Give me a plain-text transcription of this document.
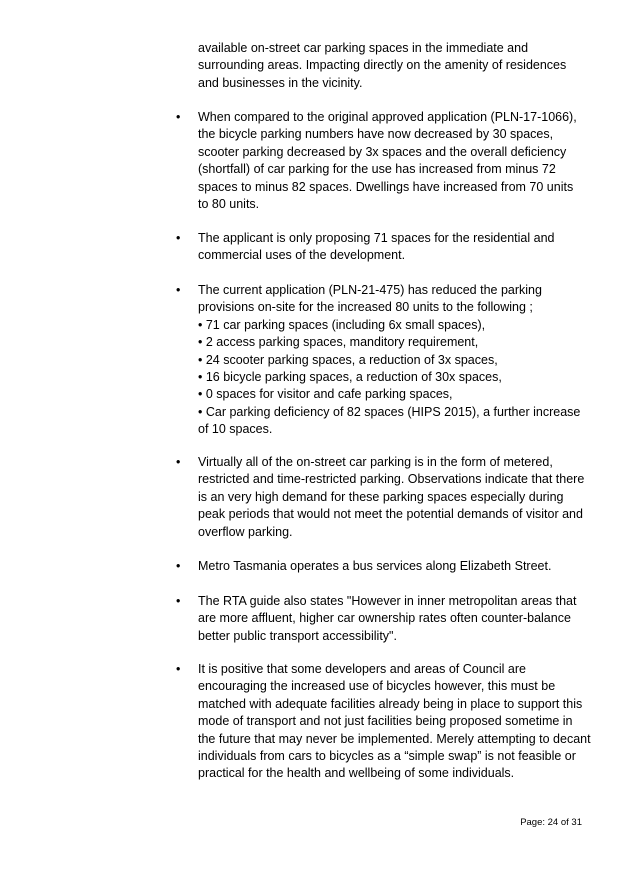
available on-street car parking spaces in the immediate and
surrounding areas. Impacting directly on the amenity of residences
and businesses in the vicinity.

• When compared to the original approved application (PLN-17-1066),
the bicycle parking numbers have now decreased by 30 spaces,
scooter parking decreased by 3x spaces and the overall deficiency
(shortfall) of car parking for the use has increased from minus 72
spaces to minus 82 spaces. Dwellings have increased from 70 units
to 80 units.

• The applicant is only proposing 71 spaces for the residential and
commercial uses of the development.

• The current application (PLN-21-475) has reduced the parking
provisions on-site for the increased 80 units to the following ;
• 71 car parking spaces (including 6x small spaces),
• 2 access parking spaces, manditory requirement,
• 24 scooter parking spaces, a reduction of 3x spaces,
• 16 bicycle parking spaces, a reduction of 30x spaces,
• 0 spaces for visitor and cafe parking spaces,
• Car parking deficiency of 82 spaces (HIPS 2015), a further increase
of 10 spaces.

• Virtually all of the on-street car parking is in the form of metered,
restricted and time-restricted parking. Observations indicate that there
is an very high demand for these parking spaces especially during
peak periods that would not meet the potential demands of visitor and
overflow parking.

• Metro Tasmania operates a bus services along Elizabeth Street.

• The RTA guide also states "However in inner metropolitan areas that
are more affluent, higher car ownership rates often counter-balance
better public transport accessibility".

• It is positive that some developers and areas of Council are
encouraging the increased use of bicycles however, this must be
matched with adequate facilities already being in place to support this
mode of transport and not just facilities being proposed sometime in
the future that may never be implemented. Merely attempting to decant
individuals from cars to bicycles as a “simple swap” is not feasible or
practical for the health and wellbeing of some individuals.

Page: 24 of 31
